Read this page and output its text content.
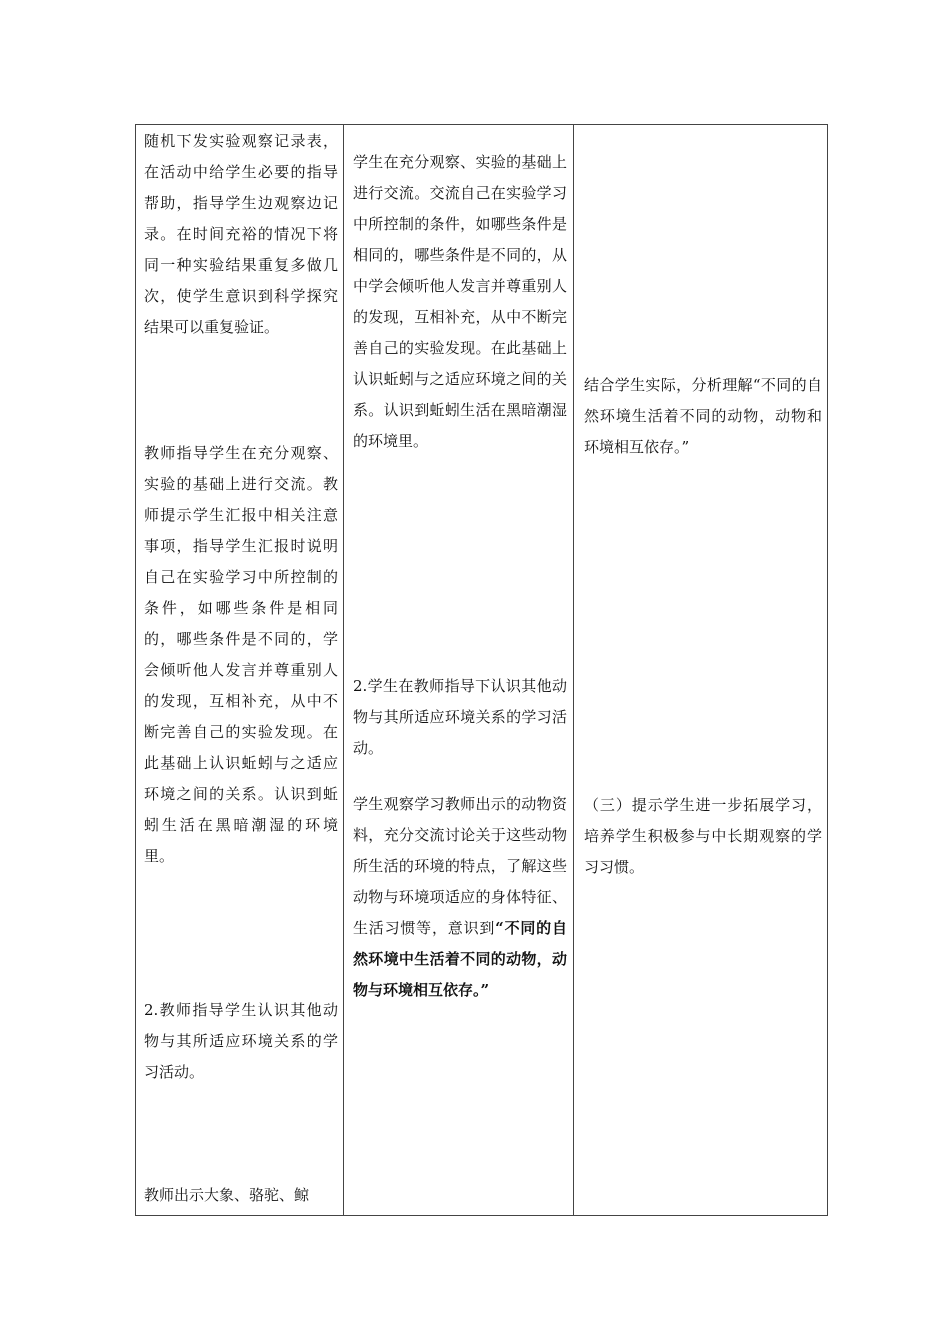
随机下发实验观察记录表，在活动中给学生必要的指导帮助，指导学生边观察边记录。在时间充裕的情况下将同一种实验结果重复多做几次，使学生意识到科学探究结果可以重复验证。

教师指导学生在充分观察、实验的基础上进行交流。教师提示学生汇报中相关注意事项，指导学生汇报时说明自己在实验学习中所控制的条件，如哪些条件是相同的，哪些条件是不同的，学会倾听他人发言并尊重别人的发现，互相补充，从中不断完善自己的实验发现。在此基础上认识蚯蚓与之适应环境之间的关系。认识到蚯蚓生活在黑暗潮湿的环境里。

2.教师指导学生认识其他动物与其所适应环境关系的学习活动。

教师出示大象、骆驼、鲸

学生在充分观察、实验的基础上进行交流。交流自己在实验学习中所控制的条件，如哪些条件是相同的，哪些条件是不同的，从中学会倾听他人发言并尊重别人的发现，互相补充，从中不断完善自己的实验发现。在此基础上认识蚯蚓与之适应环境之间的关系。认识到蚯蚓生活在黑暗潮湿的环境里。

2.学生在教师指导下认识其他动物与其所适应环境关系的学习活动。

学生观察学习教师出示的动物资料，充分交流讨论关于这些动物所生活的环境的特点，了解这些动物与环境项适应的身体特征、生活习惯等，意识到“不同的自然环境中生活着不同的动物，动物与环境相互依存。”

结合学生实际，分析理解“不同的自然环境生活着不同的动物，动物和环境相互依存。”

（三）提示学生进一步拓展学习，培养学生积极参与中长期观察的学习习惯。
